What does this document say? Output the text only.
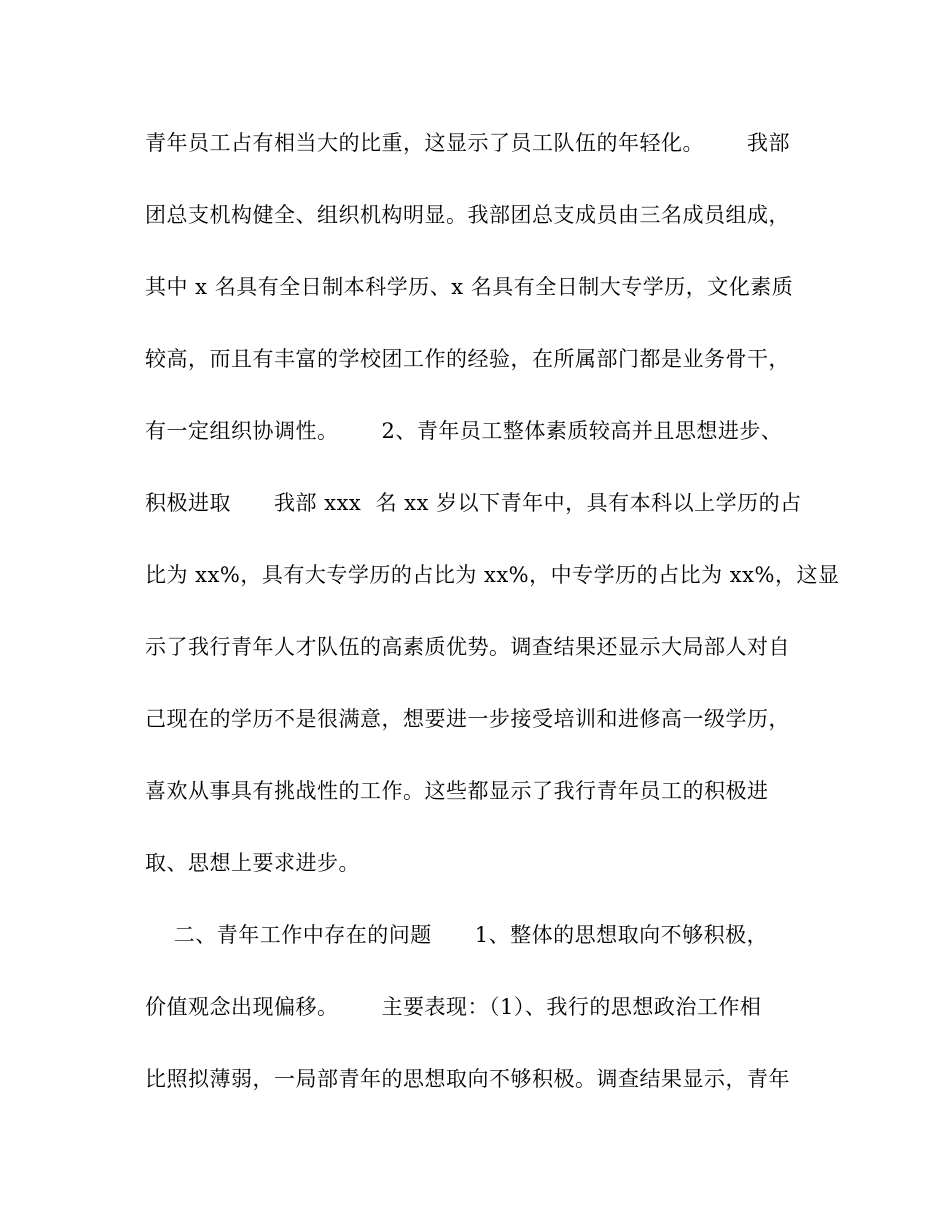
青年员工占有相当大的比重，这显示了员工队伍的年轻化。      我部
团总支机构健全、组织机构明显。我部团总支成员由三名成员组成，
其中 x 名具有全日制本科学历、x 名具有全日制大专学历，文化素质
较高，而且有丰富的学校团工作的经验，在所属部门都是业务骨干，
有一定组织协调性。      2、青年员工整体素质较高并且思想进步、
积极进取      我部 xxx  名 xx 岁以下青年中，具有本科以上学历的占
比为 xx%，具有大专学历的占比为 xx%，中专学历的占比为 xx%，这显
示了我行青年人才队伍的高素质优势。调查结果还显示大局部人对自
己现在的学历不是很满意，想要进一步接受培训和进修高一级学历，
喜欢从事具有挑战性的工作。这些都显示了我行青年员工的积极进
取、思想上要求进步。
二、青年工作中存在的问题      1、整体的思想取向不够积极，
价值观念出现偏移。      主要表现：（1）、我行的思想政治工作相
比照拟薄弱，一局部青年的思想取向不够积极。调查结果显示，青年
